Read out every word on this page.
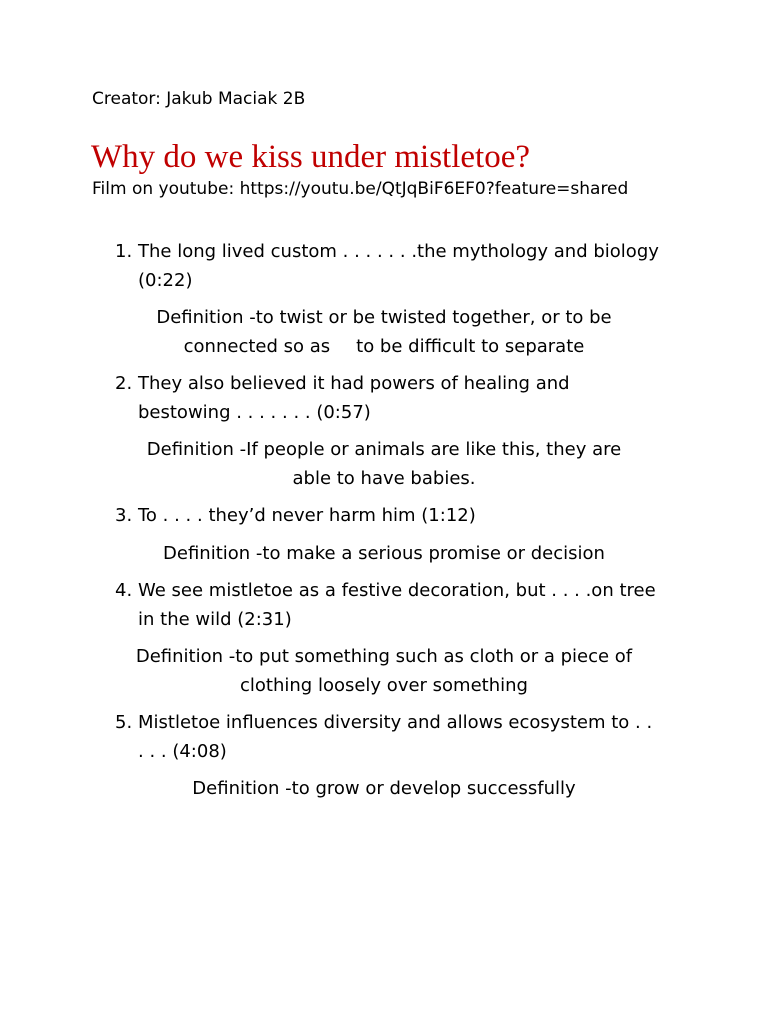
Creator: Jakub Maciak 2B
Why do we kiss under mistletoe?
Film on youtube: https://youtu.be/QtJqBiF6EF0?feature=shared
1. The long lived custom . . . . . . .the mythology and biology
(0:22)
Definition -to twist or be twisted together, or to be
connected so as to be difficult to separate
2. They also believed it had powers of healing and
bestowing . . . . . . . (0:57)
Definition -If people or animals are like this, they are
able to have babies.
3. To . . . . they’d never harm him (1:12)
Definition -to make a serious promise or decision
4. We see mistletoe as a festive decoration, but . . . .on tree
in the wild (2:31)
Definition -to put something such as cloth or a piece of
clothing loosely over something
5. Mistletoe influences diversity and allows ecosystem to . .
. . . (4:08)
Definition -to grow or develop successfully
